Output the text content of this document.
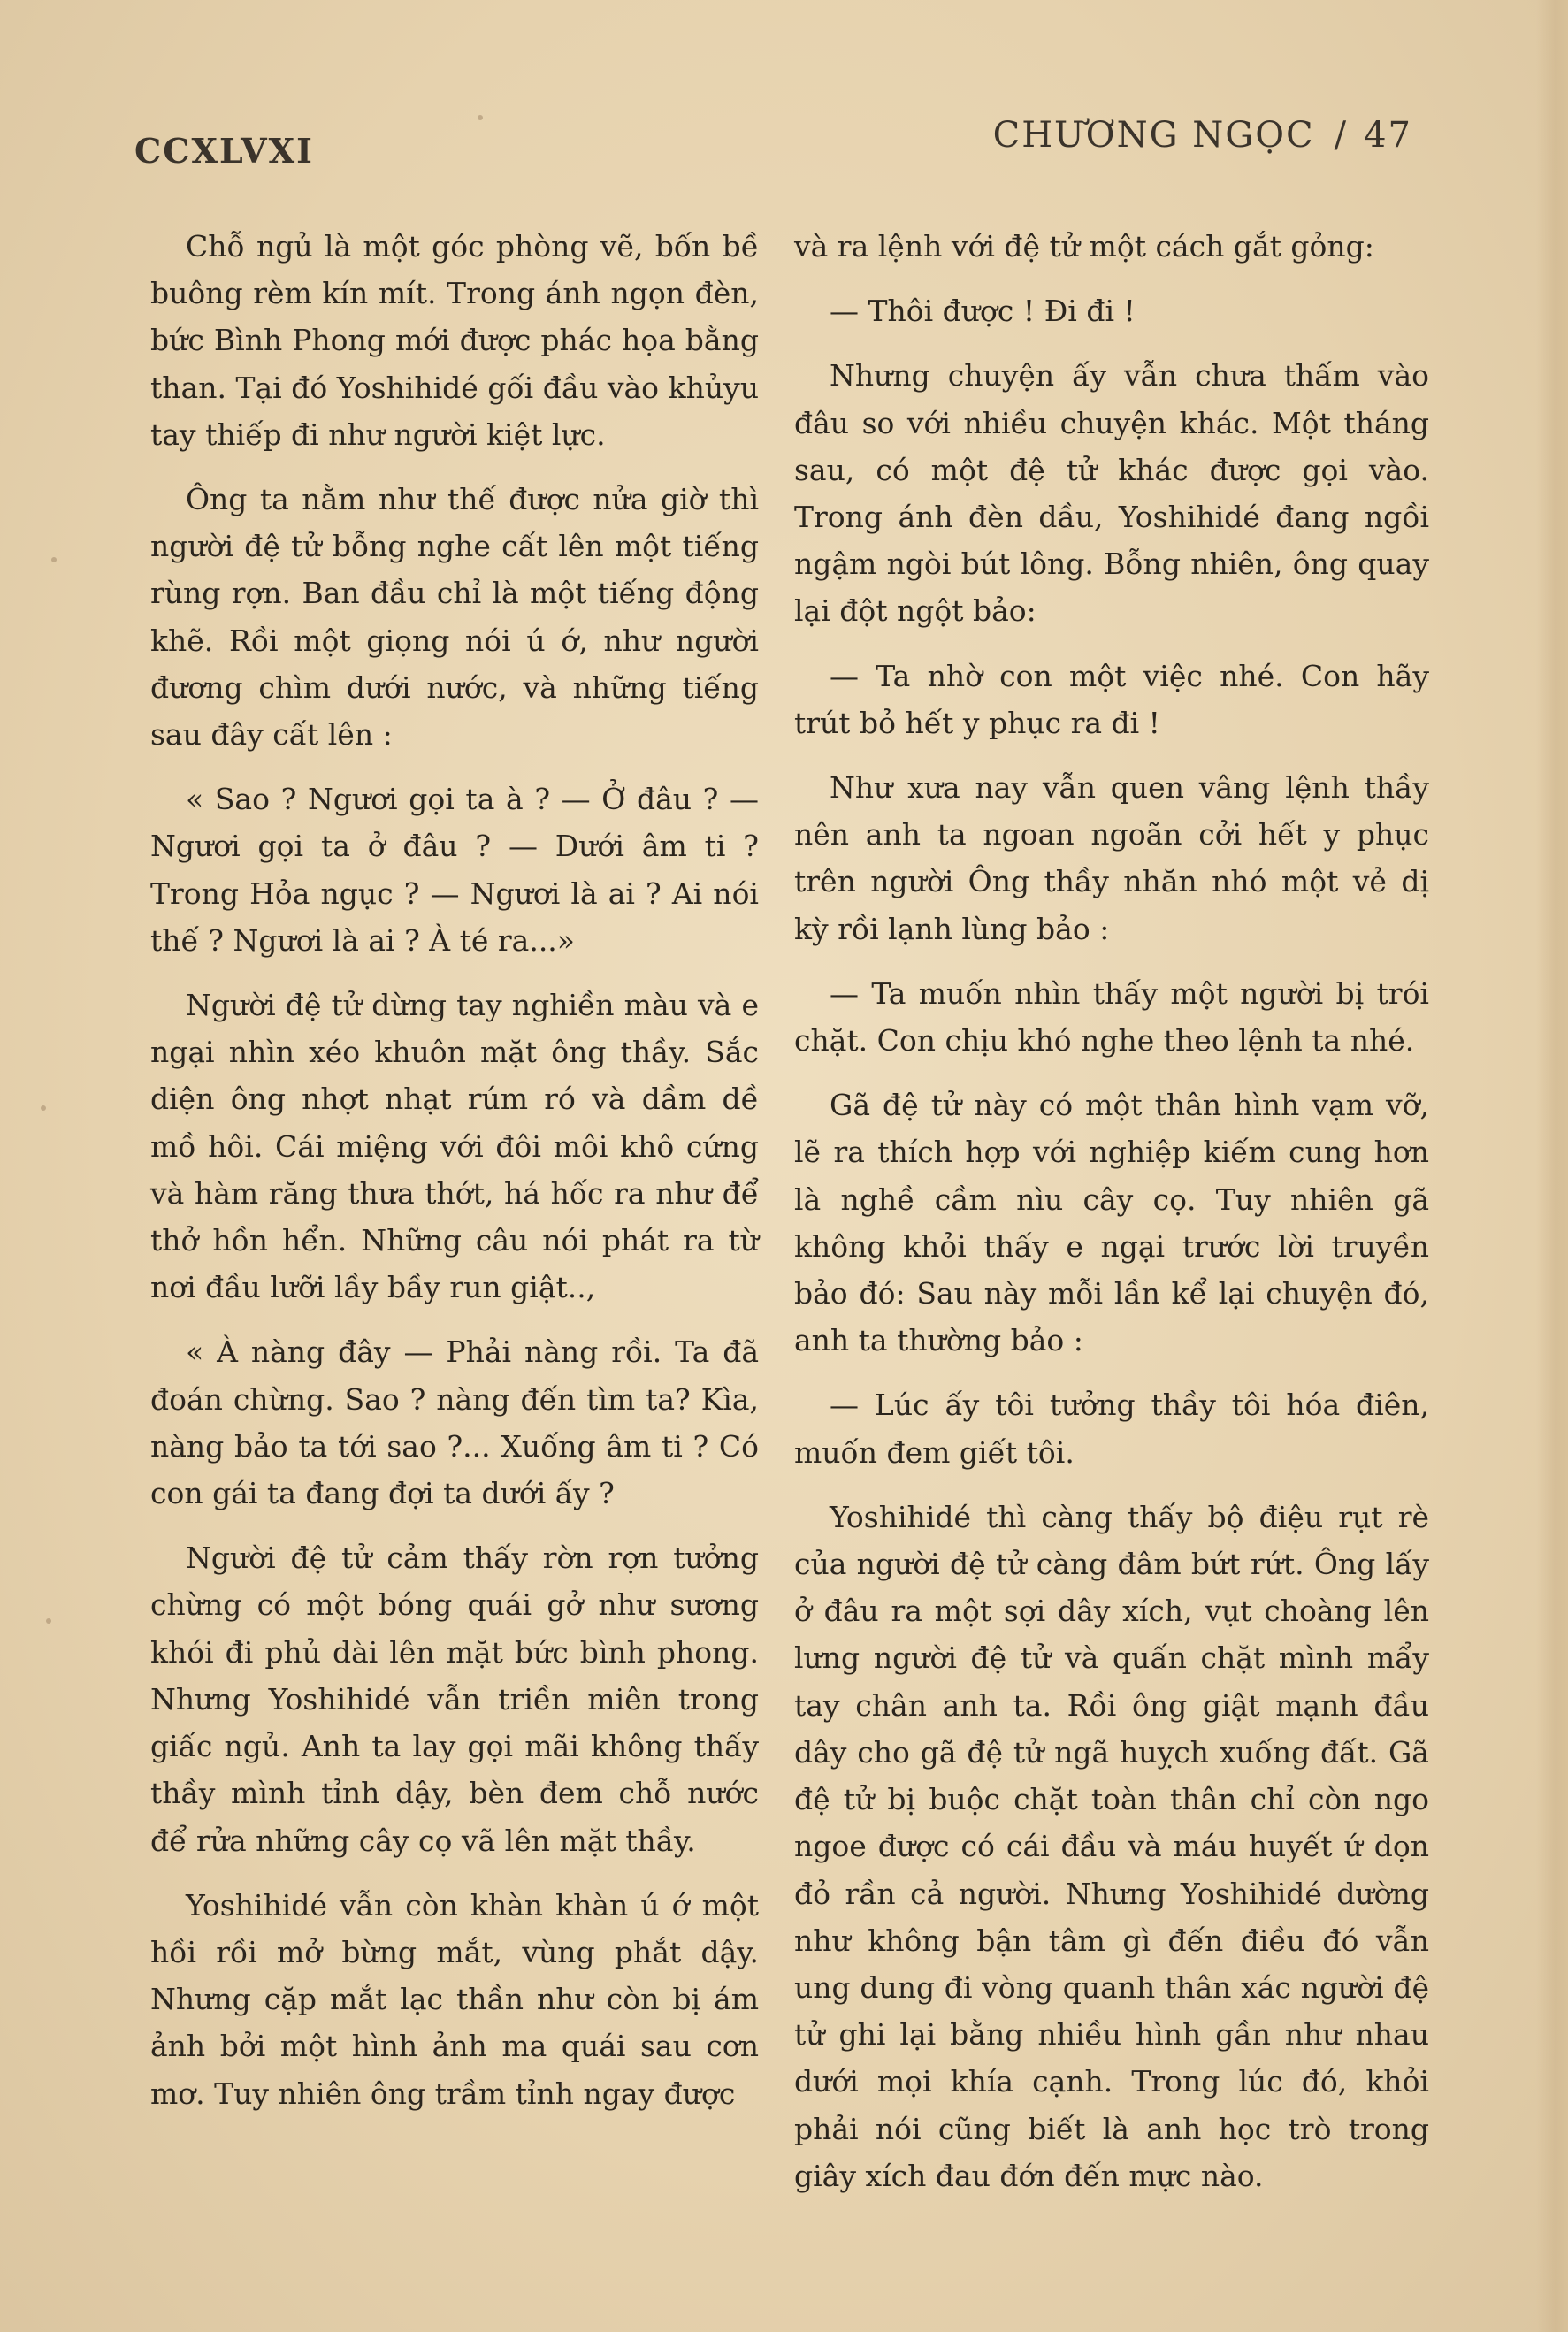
CCXLVXI	CHƯƠNG NGỌC / 47

Chỗ ngủ là một góc phòng vẽ, bốn bề buông rèm kín mít. Trong ánh ngọn đèn, bức Bình Phong mới được phác họa bằng than. Tại đó Yoshihidé gối đầu vào khủyu tay thiếp đi như người kiệt lực.

Ông ta nằm như thế được nửa giờ thì người đệ tử bỗng nghe cất lên một tiếng rùng rợn. Ban đầu chỉ là một tiếng động khẽ. Rồi một giọng nói ú ớ, như người đương chìm dưới nước, và những tiếng sau đây cất lên :

« Sao ? Ngươi gọi ta à ? — Ở đâu ? — Ngươi gọi ta ở đâu ? — Dưới âm ti ? Trong Hỏa ngục ? — Ngươi là ai ? Ai nói thế ? Ngươi là ai ? À té ra...»

Người đệ tử dừng tay nghiền màu và e ngại nhìn xéo khuôn mặt ông thầy. Sắc diện ông nhợt nhạt rúm ró và dầm dề mồ hôi. Cái miệng với đôi môi khô cứng và hàm răng thưa thớt, há hốc ra như để thở hồn hển. Những câu nói phát ra từ nơi đầu lưỡi lầy bầy run giật..,

« À nàng đây — Phải nàng rồi. Ta đã đoán chừng. Sao ? nàng đến tìm ta? Kìa, nàng bảo ta tới sao ?... Xuống âm ti ? Có con gái ta đang đợi ta dưới ấy ?

Người đệ tử cảm thấy rờn rợn tưởng chừng có một bóng quái gở như sương khói đi phủ dài lên mặt bức bình phong. Nhưng Yoshihidé vẫn triền miên trong giấc ngủ. Anh ta lay gọi mãi không thấy thầy mình tỉnh dậy, bèn đem chỗ nước để rửa những cây cọ vã lên mặt thầy.

Yoshihidé vẫn còn khàn khàn ú ớ một hồi rồi mở bừng mắt, vùng phắt dậy. Nhưng cặp mắt lạc thần như còn bị ám ảnh bởi một hình ảnh ma quái sau cơn mơ. Tuy nhiên ông trầm tỉnh ngay được

và ra lệnh với đệ tử một cách gắt gỏng:

— Thôi được ! Đi đi !

Nhưng chuyện ấy vẫn chưa thấm vào đâu so với nhiều chuyện khác. Một tháng sau, có một đệ tử khác được gọi vào. Trong ánh đèn dầu, Yoshihidé đang ngồi ngậm ngòi bút lông. Bỗng nhiên, ông quay lại đột ngột bảo:

— Ta nhờ con một việc nhé. Con hãy trút bỏ hết y phục ra đi !

Như xưa nay vẫn quen vâng lệnh thầy nên anh ta ngoan ngoãn cởi hết y phục trên người Ông thầy nhăn nhó một vẻ dị kỳ rồi lạnh lùng bảo :

— Ta muốn nhìn thấy một người bị trói chặt. Con chịu khó nghe theo lệnh ta nhé.

Gã đệ tử này có một thân hình vạm vỡ, lẽ ra thích hợp với nghiệp kiếm cung hơn là nghề cầm nìu cây cọ. Tuy nhiên gã không khỏi thấy e ngại trước lời truyền bảo đó: Sau này mỗi lần kể lại chuyện đó, anh ta thường bảo :

— Lúc ấy tôi tưởng thầy tôi hóa điên, muốn đem giết tôi.

Yoshihidé thì càng thấy bộ điệu rụt rè của người đệ tử càng đâm bứt rứt. Ông lấy ở đâu ra một sợi dây xích, vụt choàng lên lưng người đệ tử và quấn chặt mình mẩy tay chân anh ta. Rồi ông giật mạnh đầu dây cho gã đệ tử ngã huỵch xuống đất. Gã đệ tử bị buộc chặt toàn thân chỉ còn ngo ngoe được có cái đầu và máu huyết ứ dọn đỏ rần cả người. Nhưng Yoshihidé dường như không bận tâm gì đến điều đó vẫn ung dung đi vòng quanh thân xác người đệ tử ghi lại bằng nhiều hình gần như nhau dưới mọi khía cạnh. Trong lúc đó, khỏi phải nói cũng biết là anh học trò trong giây xích đau đớn đến mực nào.
